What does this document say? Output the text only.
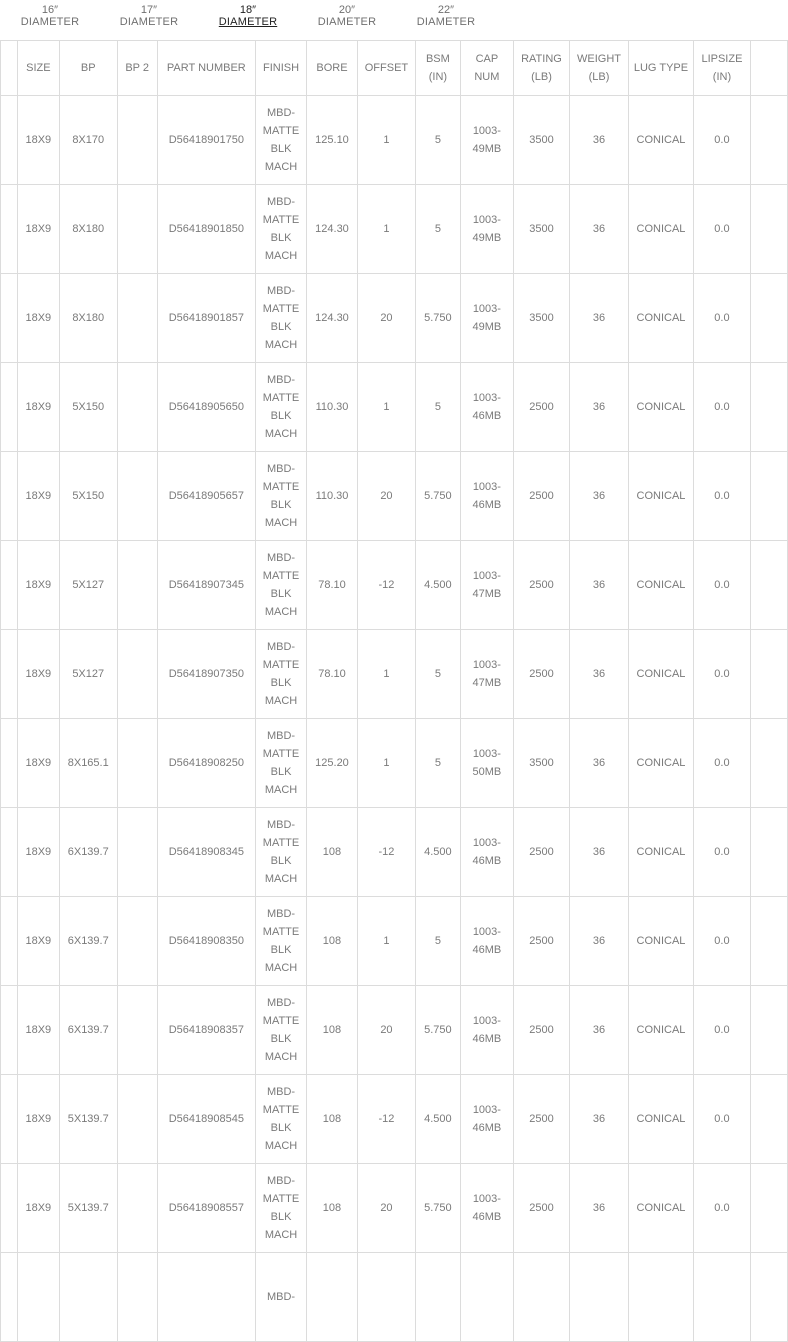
16″
DIAMETER
17″
DIAMETER
18″
DIAMETER
20″
DIAMETER
22″
DIAMETER
	SIZE	BP	BP 2	PART NUMBER	FINISH	BORE	OFFSET	BSM (IN)	CAP NUM	RATING (LB)	WEIGHT (LB)	LUG TYPE	LIPSIZE (IN)	
	18X9	8X170		D56418901750	MBD-MATTE BLK MACH	125.10	1	5	1003-49MB	3500	36	CONICAL	0.0	
	18X9	8X180		D56418901850	MBD-MATTE BLK MACH	124.30	1	5	1003-49MB	3500	36	CONICAL	0.0	
	18X9	8X180		D56418901857	MBD-MATTE BLK MACH	124.30	20	5.750	1003-49MB	3500	36	CONICAL	0.0	
	18X9	5X150		D56418905650	MBD-MATTE BLK MACH	110.30	1	5	1003-46MB	2500	36	CONICAL	0.0	
	18X9	5X150		D56418905657	MBD-MATTE BLK MACH	110.30	20	5.750	1003-46MB	2500	36	CONICAL	0.0	
	18X9	5X127		D56418907345	MBD-MATTE BLK MACH	78.10	-12	4.500	1003-47MB	2500	36	CONICAL	0.0	
	18X9	5X127		D56418907350	MBD-MATTE BLK MACH	78.10	1	5	1003-47MB	2500	36	CONICAL	0.0	
	18X9	8X165.1		D56418908250	MBD-MATTE BLK MACH	125.20	1	5	1003-50MB	3500	36	CONICAL	0.0	
	18X9	6X139.7		D56418908345	MBD-MATTE BLK MACH	108	-12	4.500	1003-46MB	2500	36	CONICAL	0.0	
	18X9	6X139.7		D56418908350	MBD-MATTE BLK MACH	108	1	5	1003-46MB	2500	36	CONICAL	0.0	
	18X9	6X139.7		D56418908357	MBD-MATTE BLK MACH	108	20	5.750	1003-46MB	2500	36	CONICAL	0.0	
	18X9	5X139.7		D56418908545	MBD-MATTE BLK MACH	108	-12	4.500	1003-46MB	2500	36	CONICAL	0.0	
	18X9	5X139.7		D56418908557	MBD-MATTE BLK MACH	108	20	5.750	1003-46MB	2500	36	CONICAL	0.0	
					MBD-									
